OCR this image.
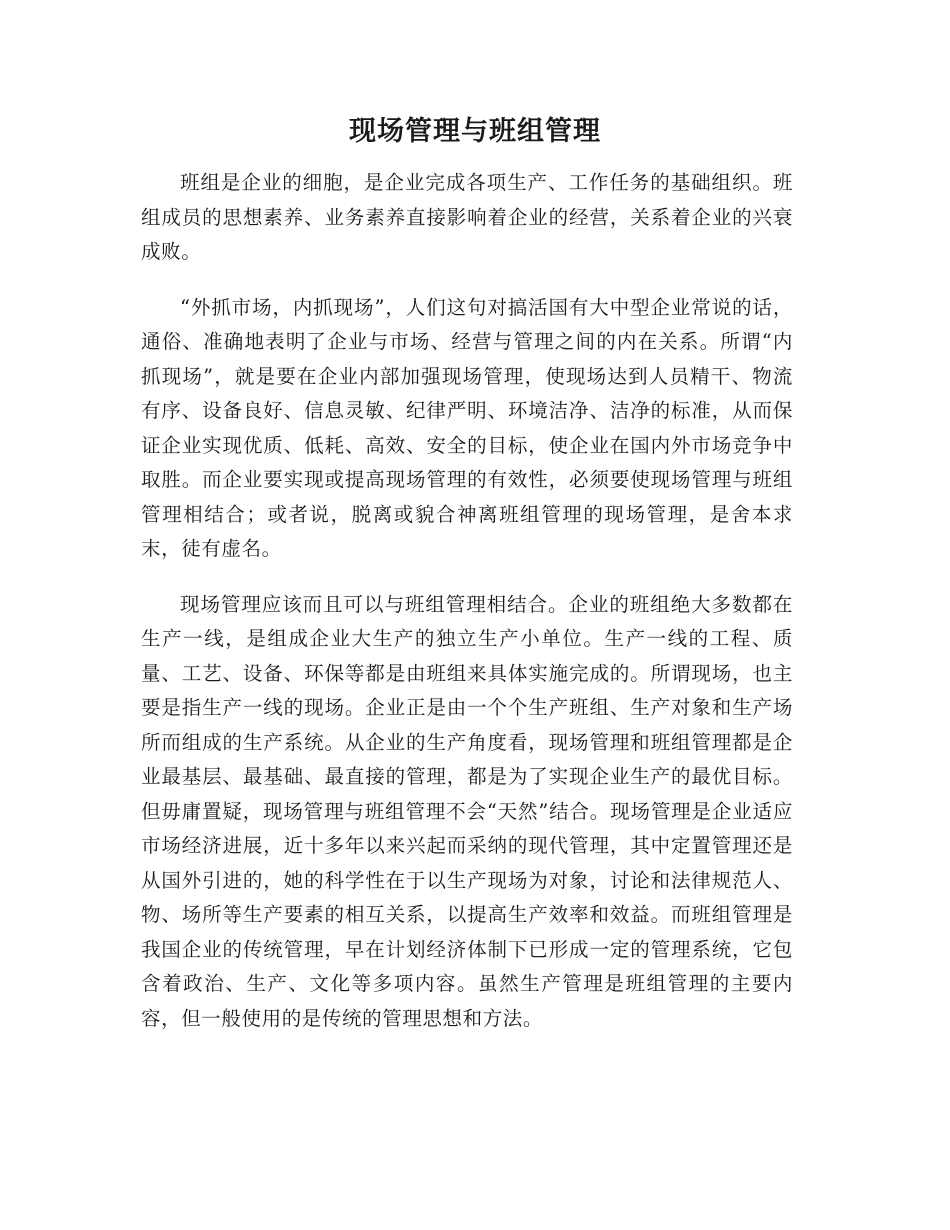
现场管理与班组管理

班组是企业的细胞，是企业完成各项生产、工作任务的基础组织。班组成员的思想素养、业务素养直接影响着企业的经营，关系着企业的兴衰成败。

“外抓市场，内抓现场”，人们这句对搞活国有大中型企业常说的话，通俗、准确地表明了企业与市场、经营与管理之间的内在关系。所谓“内抓现场”，就是要在企业内部加强现场管理，使现场达到人员精干、物流有序、设备良好、信息灵敏、纪律严明、环境洁净、洁净的标准，从而保证企业实现优质、低耗、高效、安全的目标，使企业在国内外市场竞争中取胜。而企业要实现或提高现场管理的有效性，必须要使现场管理与班组管理相结合；或者说，脱离或貌合神离班组管理的现场管理，是舍本求末，徒有虚名。

现场管理应该而且可以与班组管理相结合。企业的班组绝大多数都在生产一线，是组成企业大生产的独立生产小单位。生产一线的工程、质量、工艺、设备、环保等都是由班组来具体实施完成的。所谓现场，也主要是指生产一线的现场。企业正是由一个个生产班组、生产对象和生产场所而组成的生产系统。从企业的生产角度看，现场管理和班组管理都是企业最基层、最基础、最直接的管理，都是为了实现企业生产的最优目标。但毋庸置疑，现场管理与班组管理不会“天然”结合。现场管理是企业适应市场经济进展，近十多年以来兴起而采纳的现代管理，其中定置管理还是从国外引进的，她的科学性在于以生产现场为对象，讨论和法律规范人、物、场所等生产要素的相互关系，以提高生产效率和效益。而班组管理是我国企业的传统管理，早在计划经济体制下已形成一定的管理系统，它包含着政治、生产、文化等多项内容。虽然生产管理是班组管理的主要内容，但一般使用的是传统的管理思想和方法。
